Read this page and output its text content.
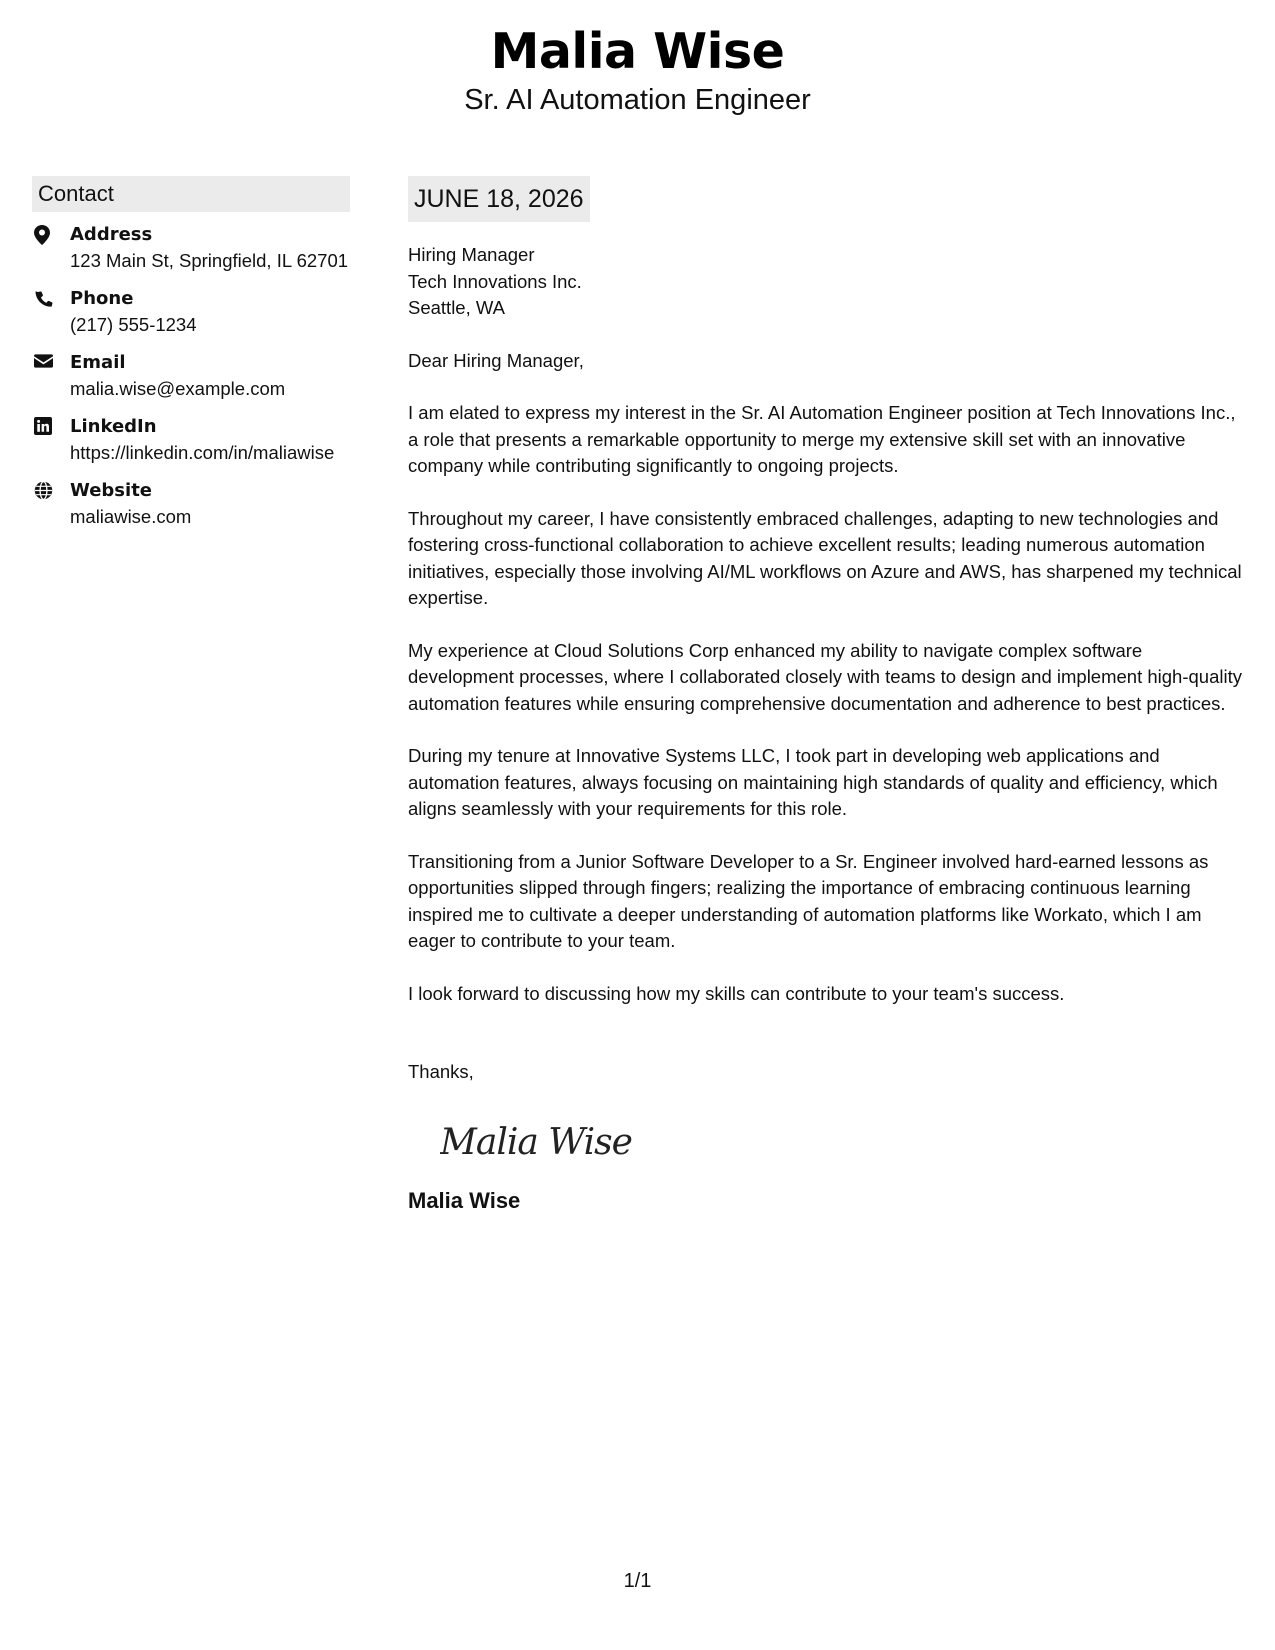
Malia Wise
Sr. AI Automation Engineer
Contact
Address
123 Main St, Springfield, IL 62701
Phone
(217) 555-1234
Email
malia.wise@example.com
LinkedIn
https://linkedin.com/in/maliawise
Website
maliawise.com
JUNE 18, 2026
Hiring Manager
Tech Innovations Inc.
Seattle, WA
Dear Hiring Manager,
I am elated to express my interest in the Sr. AI Automation Engineer position at Tech Innovations Inc., a role that presents a remarkable opportunity to merge my extensive skill set with an innovative company while contributing significantly to ongoing projects.
Throughout my career, I have consistently embraced challenges, adapting to new technologies and fostering cross-functional collaboration to achieve excellent results; leading numerous automation initiatives, especially those involving AI/ML workflows on Azure and AWS, has sharpened my technical expertise.
My experience at Cloud Solutions Corp enhanced my ability to navigate complex software development processes, where I collaborated closely with teams to design and implement high-quality automation features while ensuring comprehensive documentation and adherence to best practices.
During my tenure at Innovative Systems LLC, I took part in developing web applications and automation features, always focusing on maintaining high standards of quality and efficiency, which aligns seamlessly with your requirements for this role.
Transitioning from a Junior Software Developer to a Sr. Engineer involved hard-earned lessons as opportunities slipped through fingers; realizing the importance of embracing continuous learning inspired me to cultivate a deeper understanding of automation platforms like Workato, which I am eager to contribute to your team.
I look forward to discussing how my skills can contribute to your team's success.
Thanks,
Malia Wise
Malia Wise
1/1
